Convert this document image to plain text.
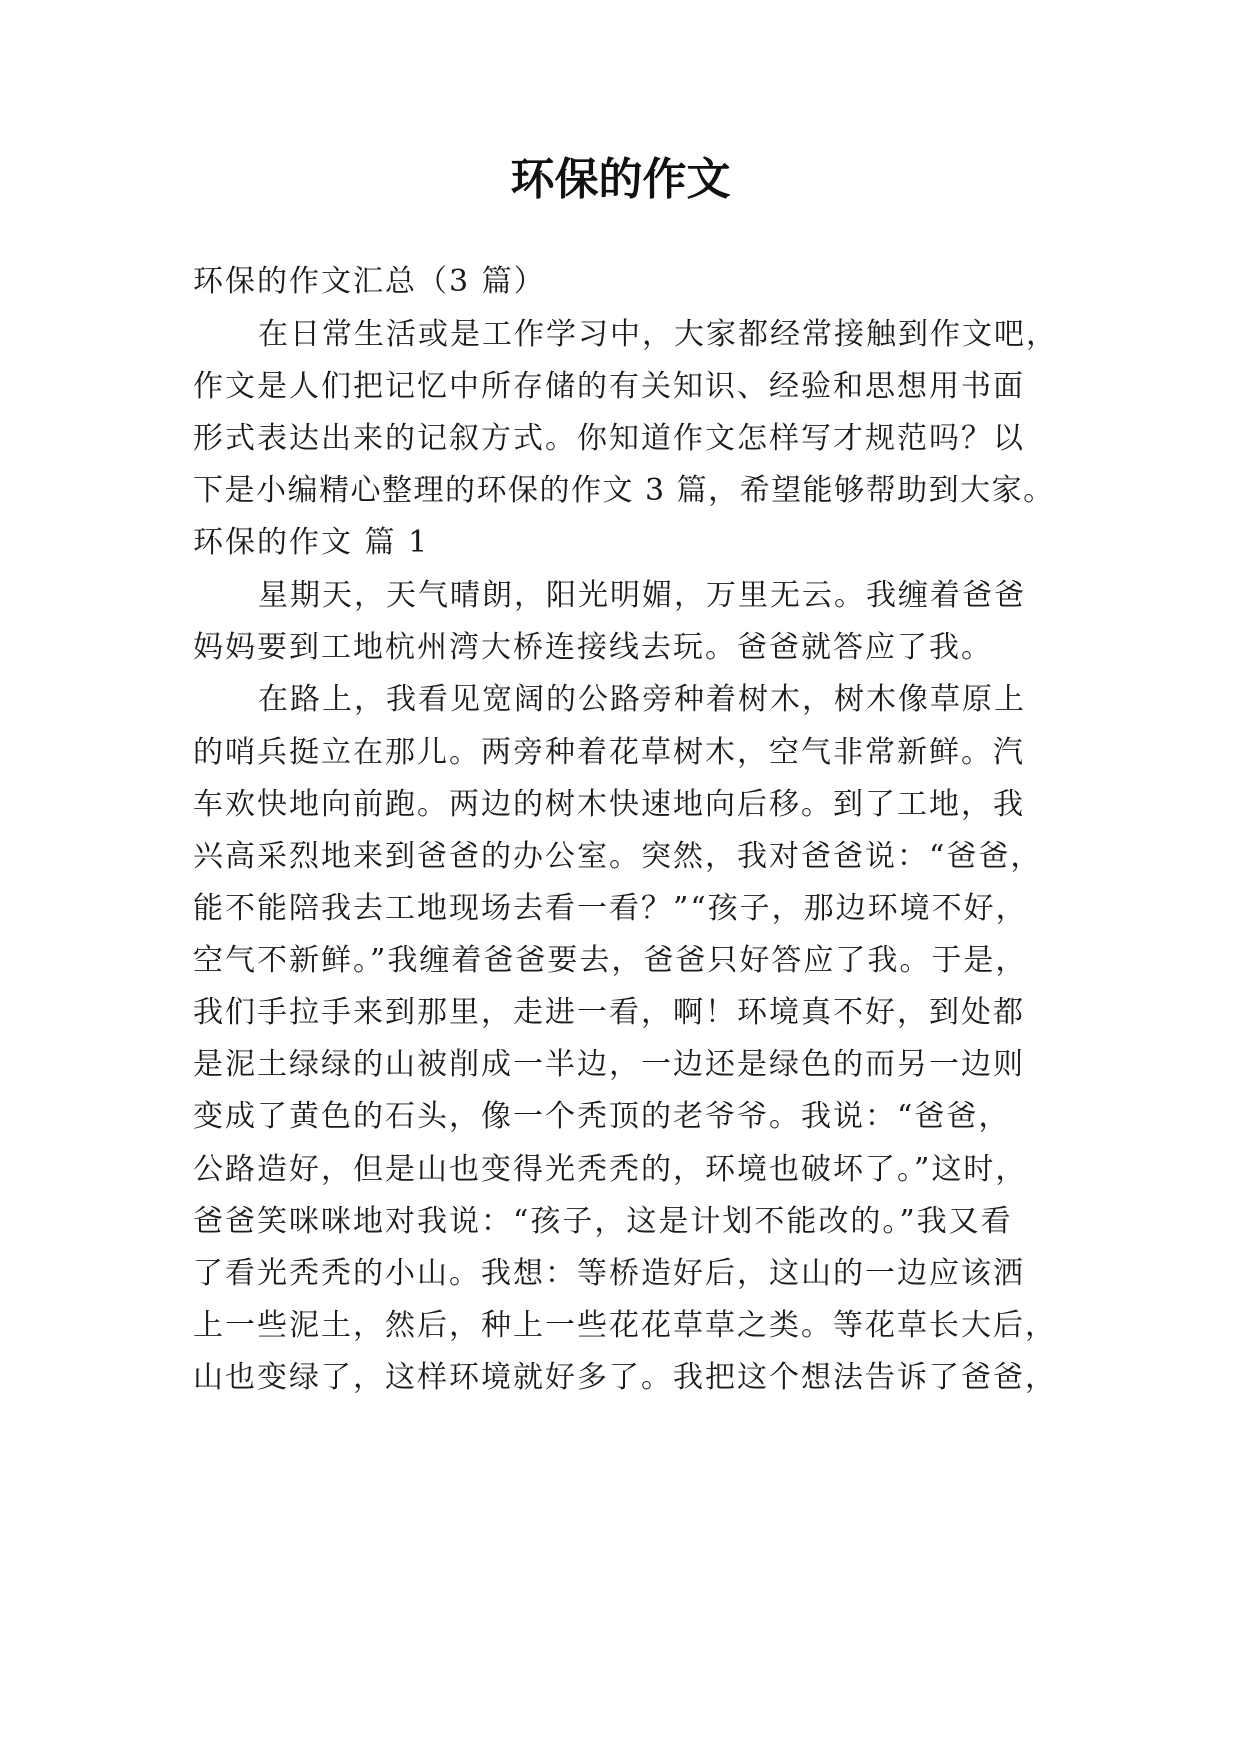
环保的作文
环保的作文汇总（3 篇）
在日常生活或是工作学习中，大家都经常接触到作文吧，
作文是人们把记忆中所存储的有关知识、经验和思想用书面
形式表达出来的记叙方式。你知道作文怎样写才规范吗？以
下是小编精心整理的环保的作文 3 篇，希望能够帮助到大家。
环保的作文 篇 1
星期天，天气晴朗，阳光明媚，万里无云。我缠着爸爸
妈妈要到工地杭州湾大桥连接线去玩。爸爸就答应了我。
在路上，我看见宽阔的公路旁种着树木，树木像草原上
的哨兵挺立在那儿。两旁种着花草树木，空气非常新鲜。汽
车欢快地向前跑。两边的树木快速地向后移。到了工地，我
兴高采烈地来到爸爸的办公室。突然，我对爸爸说：“爸爸，
能不能陪我去工地现场去看一看？”“孩子，那边环境不好，
空气不新鲜。”我缠着爸爸要去，爸爸只好答应了我。于是，
我们手拉手来到那里，走进一看，啊！环境真不好，到处都
是泥土绿绿的山被削成一半边，一边还是绿色的而另一边则
变成了黄色的石头，像一个秃顶的老爷爷。我说：“爸爸，
公路造好，但是山也变得光秃秃的，环境也破坏了。”这时，
爸爸笑咪咪地对我说：“孩子，这是计划不能改的。”我又看
了看光秃秃的小山。我想：等桥造好后，这山的一边应该洒
上一些泥土，然后，种上一些花花草草之类。等花草长大后，
山也变绿了，这样环境就好多了。我把这个想法告诉了爸爸，
